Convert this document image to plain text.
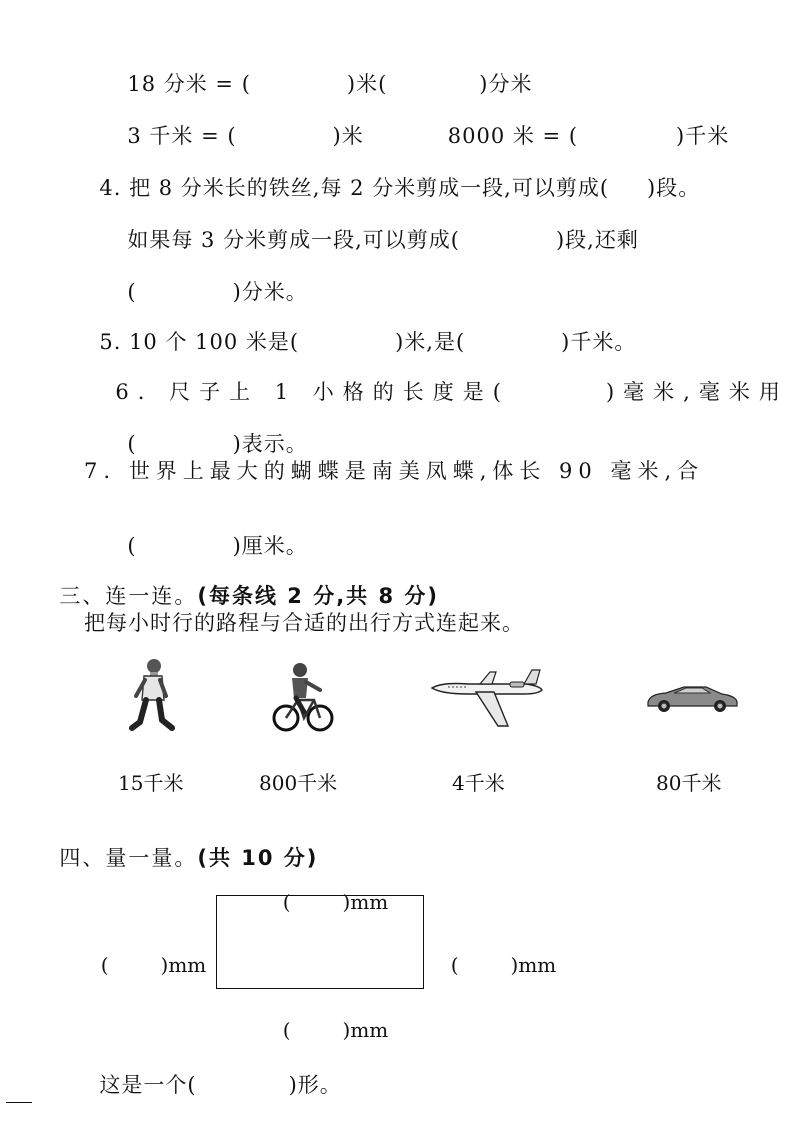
18 分米 = (	)米(	)分米

3 千米 = (	)米	8000 米 = (	)千米

4. 把 8 分米长的铁丝,每 2 分米剪成一段,可以剪成( )段。

如果每 3 分米剪成一段,可以剪成(	)段,还剩

(	)分米。

5. 10 个 100 米是(	)米,是(	)千米。

6. 尺子上 1 小格的长度是(	)毫米,毫米用

(	)表示。

7. 世界上最大的蝴蝶是南美凤蝶,体长 90 毫米,合

(	)厘米。

三、连一连。(每条线 2 分,共 8 分)

把每小时行的路程与合适的出行方式连起来。
15千米	800千米	4千米	80千米

四、量一量。(共 10 分)

(	)mm

(	)mm	(	)mm

(	)mm

这是一个(	)形。
